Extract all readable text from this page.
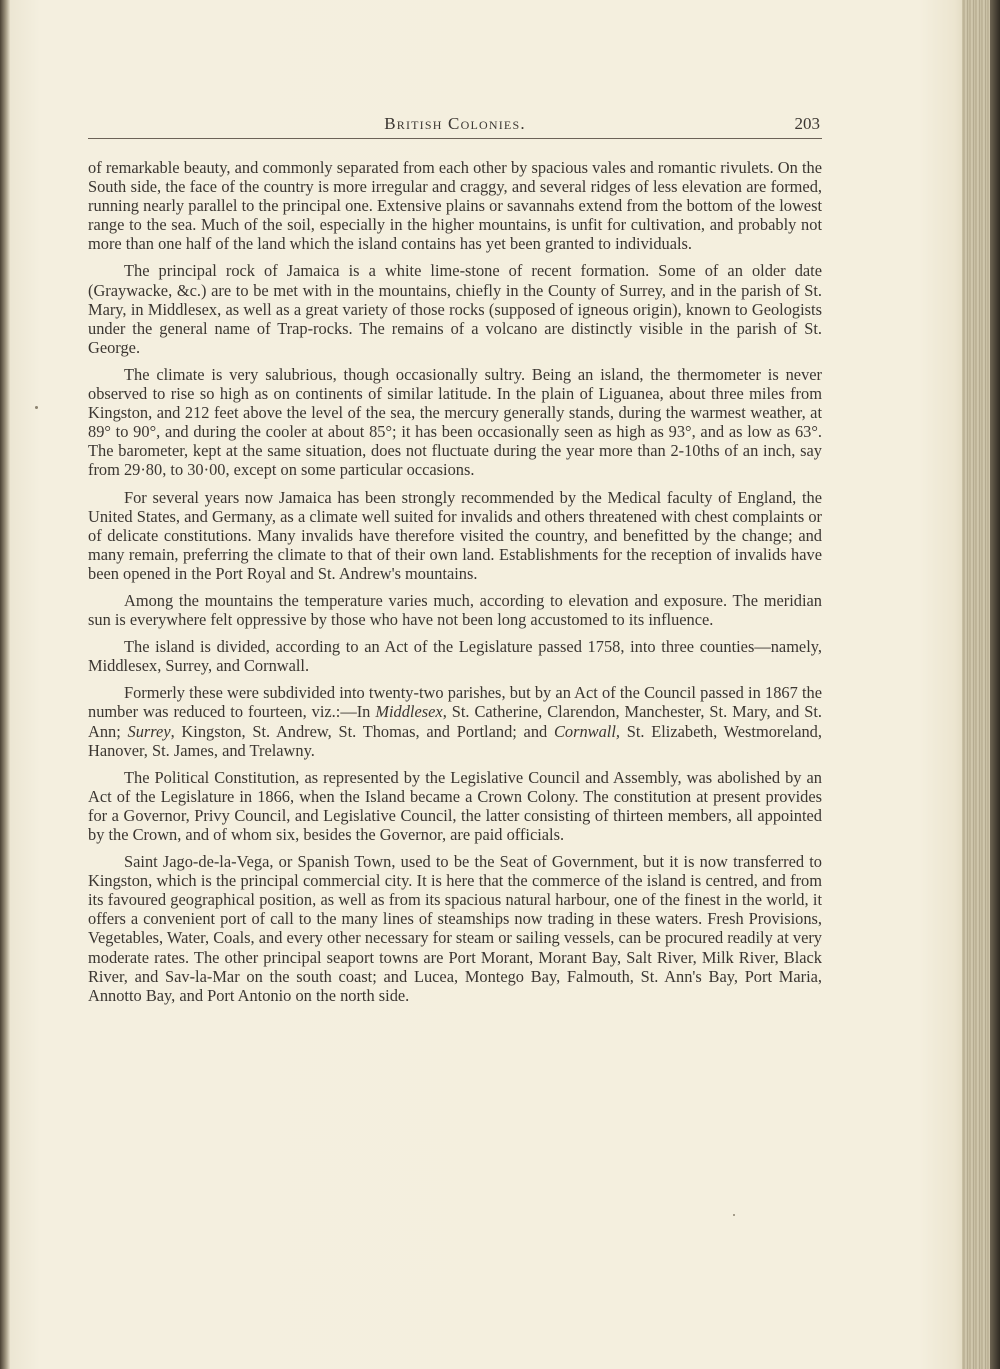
British Colonies.	203

of remarkable beauty, and commonly separated from each other by spacious vales and romantic rivulets. On the South side, the face of the country is more irregular and craggy, and several ridges of less elevation are formed, running nearly parallel to the principal one. Extensive plains or savannahs extend from the bottom of the lowest range to the sea. Much of the soil, especially in the higher mountains, is unfit for cultivation, and probably not more than one half of the land which the island contains has yet been granted to individuals.

The principal rock of Jamaica is a white lime-stone of recent formation. Some of an older date (Graywacke, &c.) are to be met with in the mountains, chiefly in the County of Surrey, and in the parish of St. Mary, in Middlesex, as well as a great variety of those rocks (supposed of igneous origin), known to Geologists under the general name of Trap-rocks. The remains of a volcano are distinctly visible in the parish of St. George.

The climate is very salubrious, though occasionally sultry. Being an island, the thermometer is never observed to rise so high as on continents of similar latitude. In the plain of Liguanea, about three miles from Kingston, and 212 feet above the level of the sea, the mercury generally stands, during the warmest weather, at 89° to 90°, and during the cooler at about 85°; it has been occasionally seen as high as 93°, and as low as 63°. The barometer, kept at the same situation, does not fluctuate during the year more than 2-10ths of an inch, say from 29·80, to 30·00, except on some particular occasions.

For several years now Jamaica has been strongly recommended by the Medical faculty of England, the United States, and Germany, as a climate well suited for invalids and others threatened with chest complaints or of delicate constitutions. Many invalids have therefore visited the country, and benefitted by the change; and many remain, preferring the climate to that of their own land. Establishments for the reception of invalids have been opened in the Port Royal and St. Andrew's mountains.

Among the mountains the temperature varies much, according to elevation and exposure. The meridian sun is everywhere felt oppressive by those who have not been long accustomed to its influence.

The island is divided, according to an Act of the Legislature passed 1758, into three counties—namely, Middlesex, Surrey, and Cornwall.

Formerly these were subdivided into twenty-two parishes, but by an Act of the Council passed in 1867 the number was reduced to fourteen, viz.:—In Middlesex, St. Catherine, Clarendon, Manchester, St. Mary, and St. Ann; Surrey, Kingston, St. Andrew, St. Thomas, and Portland; and Cornwall, St. Elizabeth, Westmoreland, Hanover, St. James, and Trelawny.

The Political Constitution, as represented by the Legislative Council and Assembly, was abolished by an Act of the Legislature in 1866, when the Island became a Crown Colony. The constitution at present provides for a Governor, Privy Council, and Legislative Council, the latter consisting of thirteen members, all appointed by the Crown, and of whom six, besides the Governor, are paid officials.

Saint Jago-de-la-Vega, or Spanish Town, used to be the Seat of Government, but it is now transferred to Kingston, which is the principal commercial city. It is here that the commerce of the island is centred, and from its favoured geographical position, as well as from its spacious natural harbour, one of the finest in the world, it offers a convenient port of call to the many lines of steamships now trading in these waters. Fresh Provisions, Vegetables, Water, Coals, and every other necessary for steam or sailing vessels, can be procured readily at very moderate rates. The other principal seaport towns are Port Morant, Morant Bay, Salt River, Milk River, Black River, and Sav-la-Mar on the south coast; and Lucea, Montego Bay, Falmouth, St. Ann's Bay, Port Maria, Annotto Bay, and Port Antonio on the north side.
